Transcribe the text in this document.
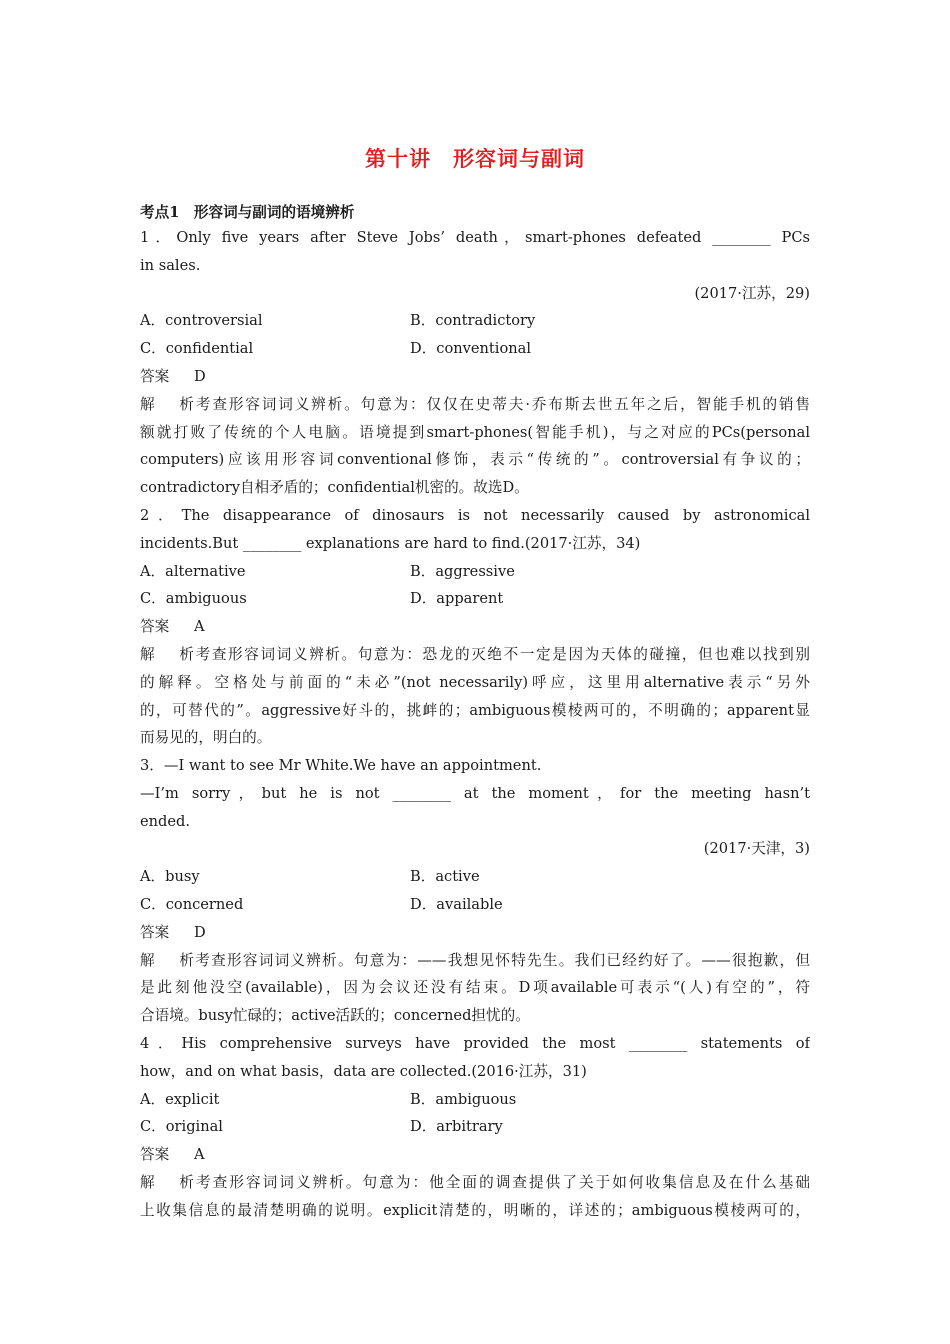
第十讲　形容词与副词
考点1　形容词与副词的语境辨析
1．Only five years after Steve Jobs’ death，smart-phones defeated ________ PCs
in sales.
(2017·江苏，29)
A．controversial	B．contradictory
C．confidential	D．conventional
答案 D
解析考查形容词词义辨析。句意为：仅仅在史蒂夫·乔布斯去世五年之后，智能手机的销售
额就打败了传统的个人电脑。语境提到smart-phones(智能手机)，与之对应的PCs(personal
computers)应该用形容词conventional修饰，表示“传统的”。controversial有争议的；
contradictory自相矛盾的；confidential机密的。故选D。
2．The disappearance of dinosaurs is not necessarily caused by astronomical
incidents.But ________ explanations are hard to find.(2017·江苏，34)
A．alternative	B．aggressive
C．ambiguous	D．apparent
答案 A
解析考查形容词词义辨析。句意为：恐龙的灭绝不一定是因为天体的碰撞，但也难以找到别
的解释。空格处与前面的“未必”(not necessarily)呼应，这里用alternative表示“另外
的，可替代的”。aggressive好斗的，挑衅的；ambiguous模棱两可的，不明确的；apparent显
而易见的，明白的。
3．—I want to see Mr White.We have an appointment.
—I’m sorry，but he is not ________ at the moment，for the meeting hasn’t
ended.
(2017·天津，3)
A．busy	B．active
C．concerned	D．available
答案 D
解析考查形容词词义辨析。句意为：——我想见怀特先生。我们已经约好了。——很抱歉，但
是此刻他没空(available)，因为会议还没有结束。D项available可表示“(人)有空的”，符
合语境。busy忙碌的；active活跃的；concerned担忧的。
4．His comprehensive surveys have provided the most ________ statements of
how，and on what basis，data are collected.(2016·江苏，31)
A．explicit	B．ambiguous
C．original	D．arbitrary
答案 A
解析考查形容词词义辨析。句意为：他全面的调查提供了关于如何收集信息及在什么基础
上收集信息的最清楚明确的说明。explicit清楚的，明晰的，详述的；ambiguous模棱两可的，
